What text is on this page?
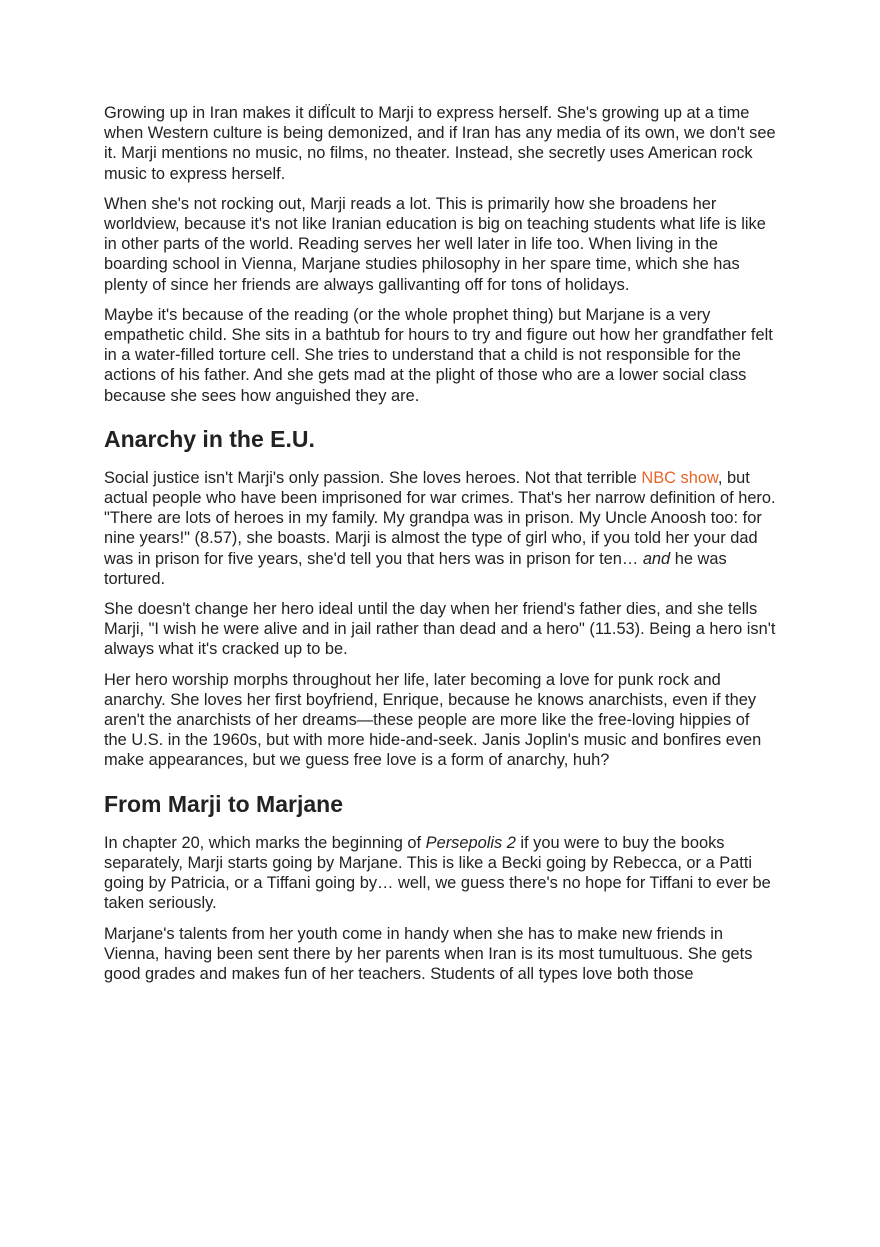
Growing up in Iran makes it difÏcult to Marji to express herself. She's growing up at a time when Western culture is being demonized, and if Iran has any media of its own, we don't see it. Marji mentions no music, no films, no theater. Instead, she secretly uses American rock music to express herself.

When she's not rocking out, Marji reads a lot. This is primarily how she broadens her worldview, because it's not like Iranian education is big on teaching students what life is like in other parts of the world. Reading serves her well later in life too. When living in the boarding school in Vienna, Marjane studies philosophy in her spare time, which she has plenty of since her friends are always gallivanting off for tons of holidays.

Maybe it's because of the reading (or the whole prophet thing) but Marjane is a very empathetic child. She sits in a bathtub for hours to try and figure out how her grandfather felt in a water-filled torture cell. She tries to understand that a child is not responsible for the actions of his father. And she gets mad at the plight of those who are a lower social class because she sees how anguished they are.

Anarchy in the E.U.

Social justice isn't Marji's only passion. She loves heroes. Not that terrible NBC show, but actual people who have been imprisoned for war crimes. That's her narrow definition of hero. "There are lots of heroes in my family. My grandpa was in prison. My Uncle Anoosh too: for nine years!" (8.57), she boasts. Marji is almost the type of girl who, if you told her your dad was in prison for five years, she'd tell you that hers was in prison for ten… and he was tortured.

She doesn't change her hero ideal until the day when her friend's father dies, and she tells Marji, "I wish he were alive and in jail rather than dead and a hero" (11.53). Being a hero isn't always what it's cracked up to be.

Her hero worship morphs throughout her life, later becoming a love for punk rock and anarchy. She loves her first boyfriend, Enrique, because he knows anarchists, even if they aren't the anarchists of her dreams—these people are more like the free-loving hippies of the U.S. in the 1960s, but with more hide-and-seek. Janis Joplin's music and bonfires even make appearances, but we guess free love is a form of anarchy, huh?

From Marji to Marjane

In chapter 20, which marks the beginning of Persepolis 2 if you were to buy the books separately, Marji starts going by Marjane. This is like a Becki going by Rebecca, or a Patti going by Patricia, or a Tiffani going by… well, we guess there's no hope for Tiffani to ever be taken seriously.

Marjane's talents from her youth come in handy when she has to make new friends in Vienna, having been sent there by her parents when Iran is its most tumultuous. She gets good grades and makes fun of her teachers. Students of all types love both those
